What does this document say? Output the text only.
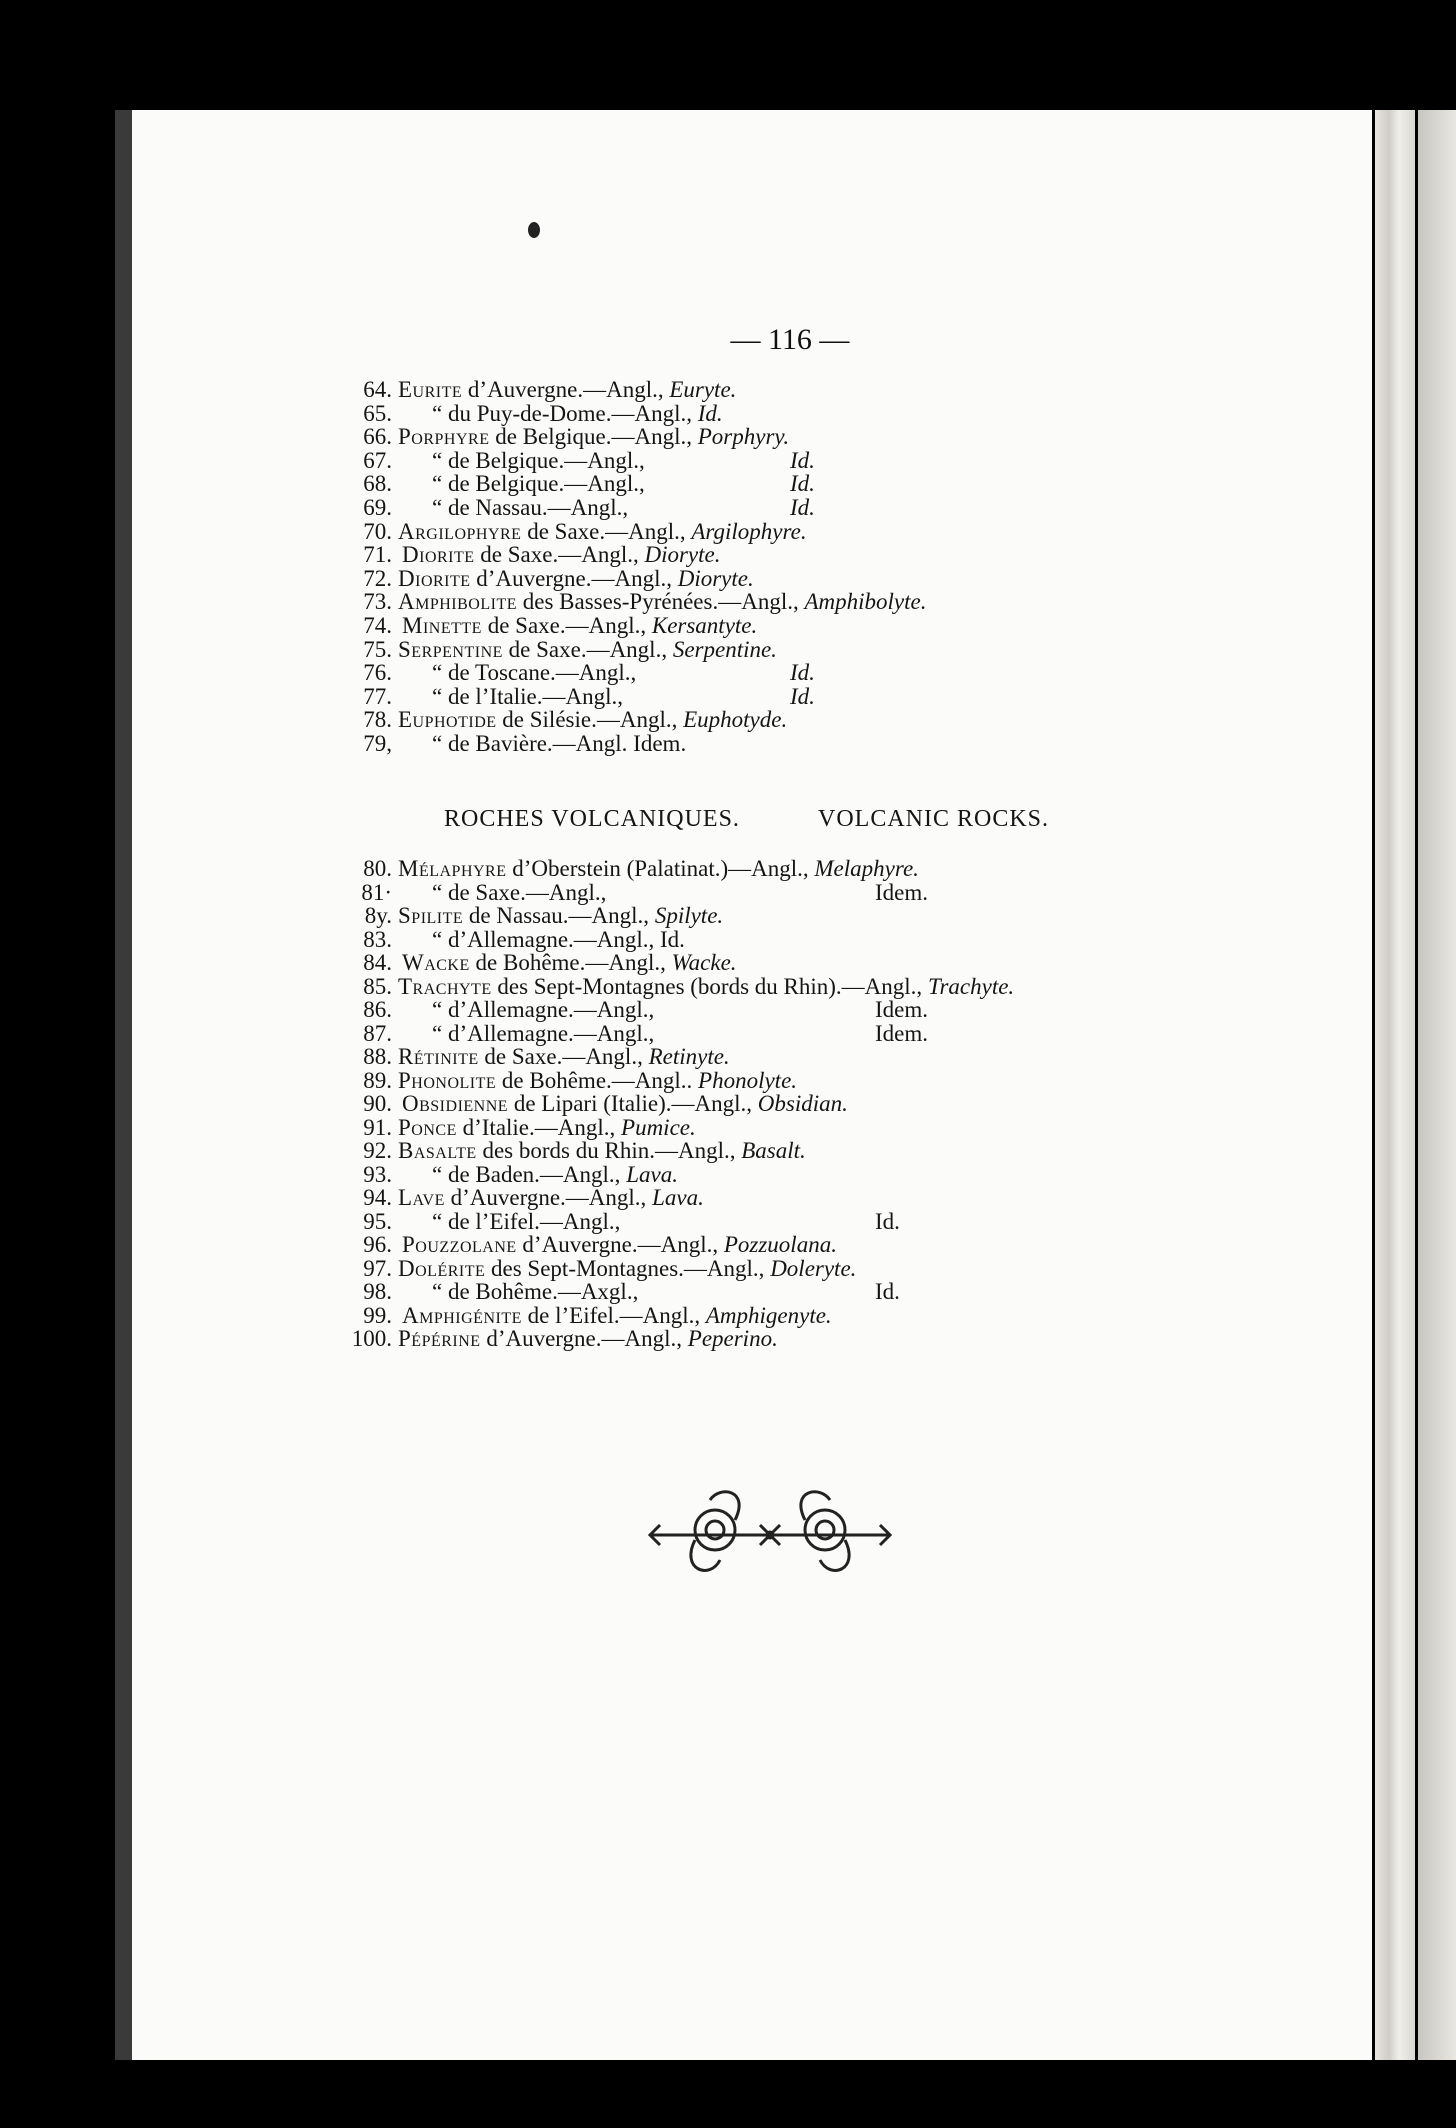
— 116 —
64. Eurite d’Auvergne.—Angl., Euryte.
65. “ du Puy-de-Dome.—Angl., Id.
66. Porphyre de Belgique.—Angl., Porphyry.
67. “ de Belgique.—Angl.,	Id.
68. “ de Belgique.—Angl.,	Id.
69. “ de Nassau.—Angl.,	Id.
70. Argilophyre de Saxe.—Angl., Argilophyre.
71. Diorite de Saxe.—Angl., Dioryte.
72. Diorite d’Auvergne.—Angl., Dioryte.
73. Amphibolite des Basses-Pyrénées.—Angl., Amphibolyte.
74. Minette de Saxe.—Angl., Kersantyte.
75. Serpentine de Saxe.—Angl., Serpentine.
76. “ de Toscane.—Angl.,	Id.
77. “ de l’Italie.—Angl.,	Id.
78. Euphotide de Silésie.—Angl., Euphotyde.
79, “ de Bavière.—Angl. Idem.
ROCHES VOLCANIQUES.	VOLCANIC ROCKS.
80. Mélaphyre d’Oberstein (Palatinat.)—Angl., Melaphyre.
81· “ de Saxe.—Angl.,	Idem.
8y. Spilite de Nassau.—Angl., Spilyte.
83. “ d’Allemagne.—Angl., Id.
84. Wacke de Bohême.—Angl., Wacke.
85. Trachyte des Sept-Montagnes (bords du Rhin).—Angl., Trachyte.
86. “ d’Allemagne.—Angl.,	Idem.
87. “ d’Allemagne.—Angl.,	Idem.
88. Rétinite de Saxe.—Angl., Retinyte.
89. Phonolite de Bohême.—Angl.. Phonolyte.
90. Obsidienne de Lipari (Italie).—Angl., Obsidian.
91. Ponce d’Italie.—Angl., Pumice.
92. Basalte des bords du Rhin.—Angl., Basalt.
93. “ de Baden.—Angl., Lava.
94. Lave d’Auvergne.—Angl., Lava.
95. “ de l’Eifel.—Angl.,	Id.
96. Pouzzolane d’Auvergne.—Angl., Pozzuolana.
97. Dolérite des Sept-Montagnes.—Angl., Doleryte.
98. “ de Bohême.—Axgl.,	Id.
99. Amphigénite de l’Eifel.—Angl., Amphigenyte.
100. Pépérine d’Auvergne.—Angl., Peperino.
